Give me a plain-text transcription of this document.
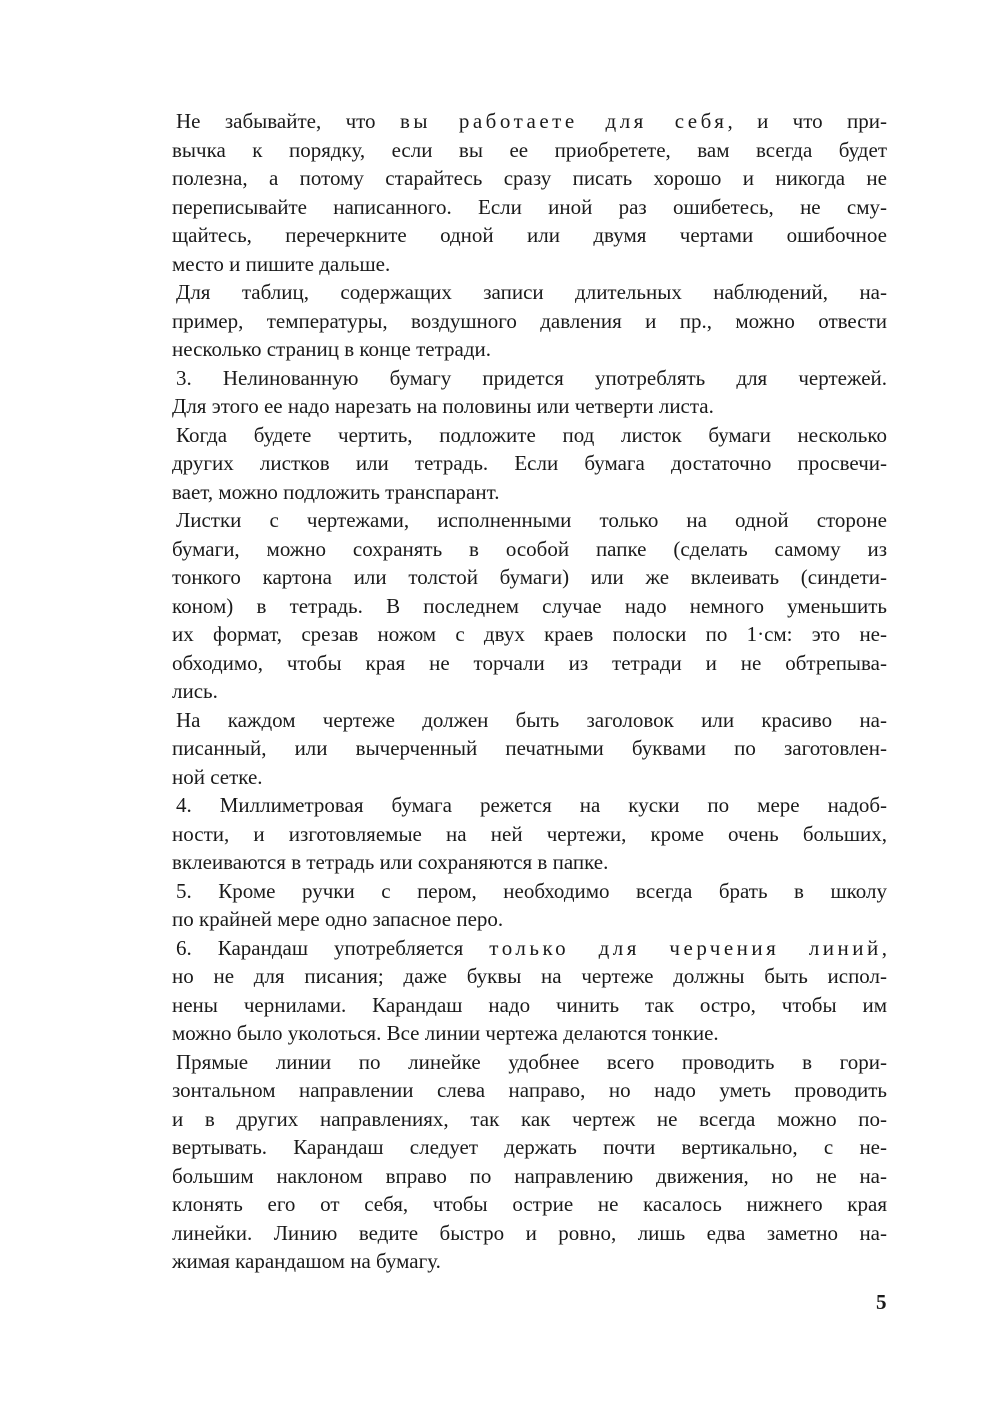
Не забывайте, что вы работаете для себя, и что при-
вычка к порядку, если вы ее приобретете, вам всегда будет
полезна, а потому старайтесь сразу писать хорошо и никогда не
переписывайте написанного. Если иной раз ошибетесь, не сму-
щайтесь, перечеркните одной или двумя чертами ошибочное
место и пишите дальше.
Для таблиц, содержащих записи длительных наблюдений, на-
пример, температуры, воздушного давления и пр., можно отвести
несколько страниц в конце тетради.
3. Нелинованную бумагу придется употреблять для чертежей.
Для этого ее надо нарезать на половины или четверти листа.
Когда будете чертить, подложите под листок бумаги несколько
других листков или тетрадь. Если бумага достаточно просвечи-
вает, можно подложить транспарант.
Листки с чертежами, исполненными только на одной стороне
бумаги, можно сохранять в особой папке (сделать самому из
тонкого картона или толстой бумаги) или же вклеивать (синдети-
коном) в тетрадь. В последнем случае надо немного уменьшить
их формат, срезав ножом с двух краев полоски по 1·см: это не-
обходимо, чтобы края не торчали из тетради и не обтрепыва-
лись.
На каждом чертеже должен быть заголовок или красиво на-
писанный, или вычерченный печатными буквами по заготовлен-
ной сетке.
4. Миллиметровая бумага режется на куски по мере надоб-
ности, и изготовляемые на ней чертежи, кроме очень больших,
вклеиваются в тетрадь или сохраняются в папке.
5. Кроме ручки с пером, необходимо всегда брать в школу
по крайней мере одно запасное перо.
6. Карандаш употребляется только для черчения линий,
но не для писания; даже буквы на чертеже должны быть испол-
нены чернилами. Карандаш надо чинить так остро, чтобы им
можно было уколоться. Все линии чертежа делаются тонкие.
Прямые линии по линейке удобнее всего проводить в гори-
зонтальном направлении слева направо, но надо уметь проводить
и в других направлениях, так как чертеж не всегда можно по-
вертывать. Карандаш следует держать почти вертикально, с не-
большим наклоном вправо по направлению движения, но не на-
клонять его от себя, чтобы острие не касалось нижнего края
линейки. Линию ведите быстро и ровно, лишь едва заметно на-
жимая карандашом на бумагу.
5
